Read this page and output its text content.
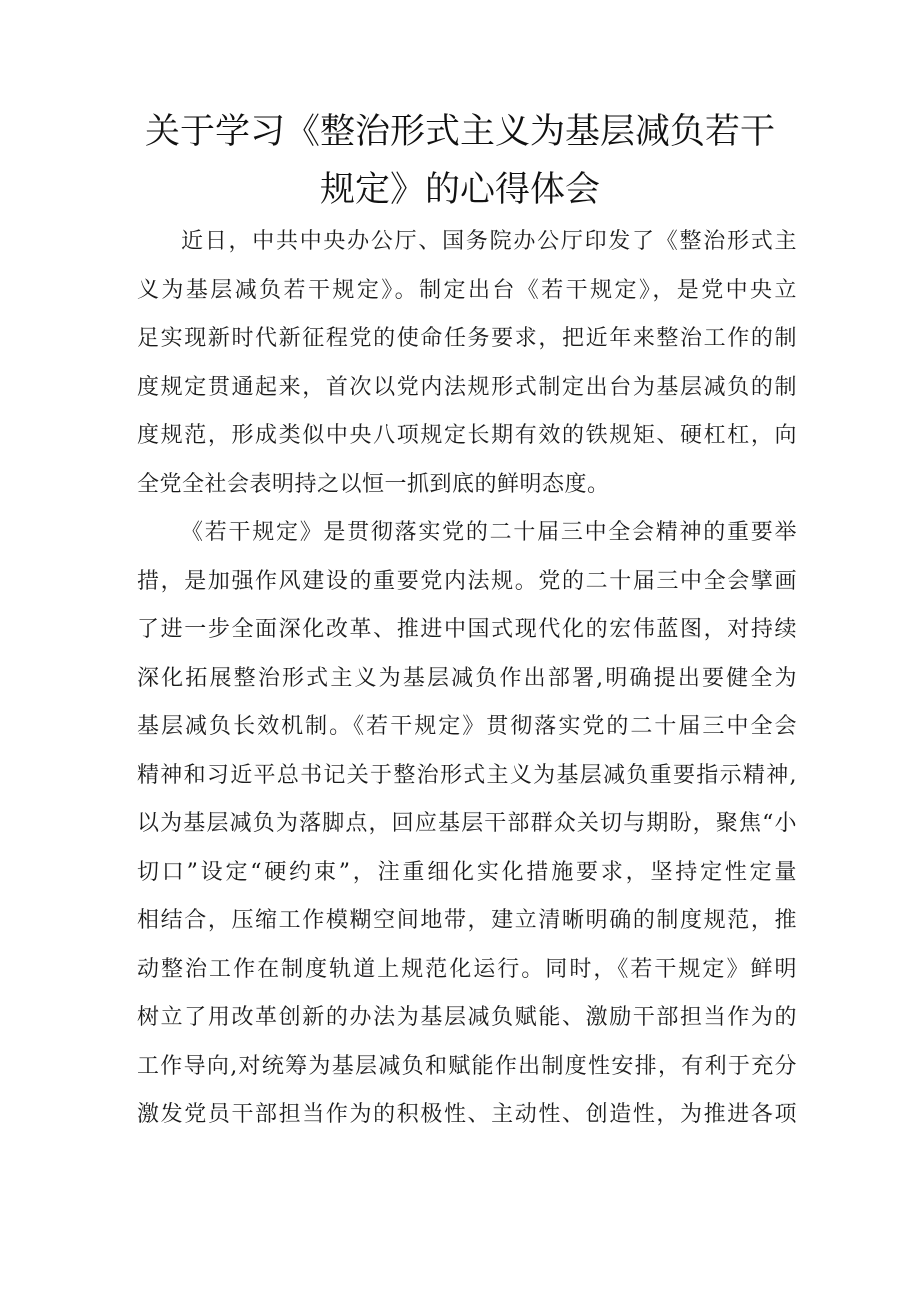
关于学习《整治形式主义为基层减负若干
规定》的心得体会
近日，中共中央办公厅、国务院办公厅印发了《整治形式主
义为基层减负若干规定》。制定出台《若干规定》，是党中央立
足实现新时代新征程党的使命任务要求，把近年来整治工作的制
度规定贯通起来，首次以党内法规形式制定出台为基层减负的制
度规范，形成类似中央八项规定长期有效的铁规矩、硬杠杠，向
全党全社会表明持之以恒一抓到底的鲜明态度。
《若干规定》是贯彻落实党的二十届三中全会精神的重要举
措，是加强作风建设的重要党内法规。党的二十届三中全会擘画
了进一步全面深化改革、推进中国式现代化的宏伟蓝图，对持续
深化拓展整治形式主义为基层减负作出部署,明确提出要健全为
基层减负长效机制。《若干规定》贯彻落实党的二十届三中全会
精神和习近平总书记关于整治形式主义为基层减负重要指示精神,
以为基层减负为落脚点，回应基层干部群众关切与期盼，聚焦“小
切口”设定“硬约束”，注重细化实化措施要求，坚持定性定量
相结合，压缩工作模糊空间地带，建立清晰明确的制度规范，推
动整治工作在制度轨道上规范化运行。同时，《若干规定》鲜明
树立了用改革创新的办法为基层减负赋能、激励干部担当作为的
工作导向,对统筹为基层减负和赋能作出制度性安排，有利于充分
激发党员干部担当作为的积极性、主动性、创造性，为推进各项
